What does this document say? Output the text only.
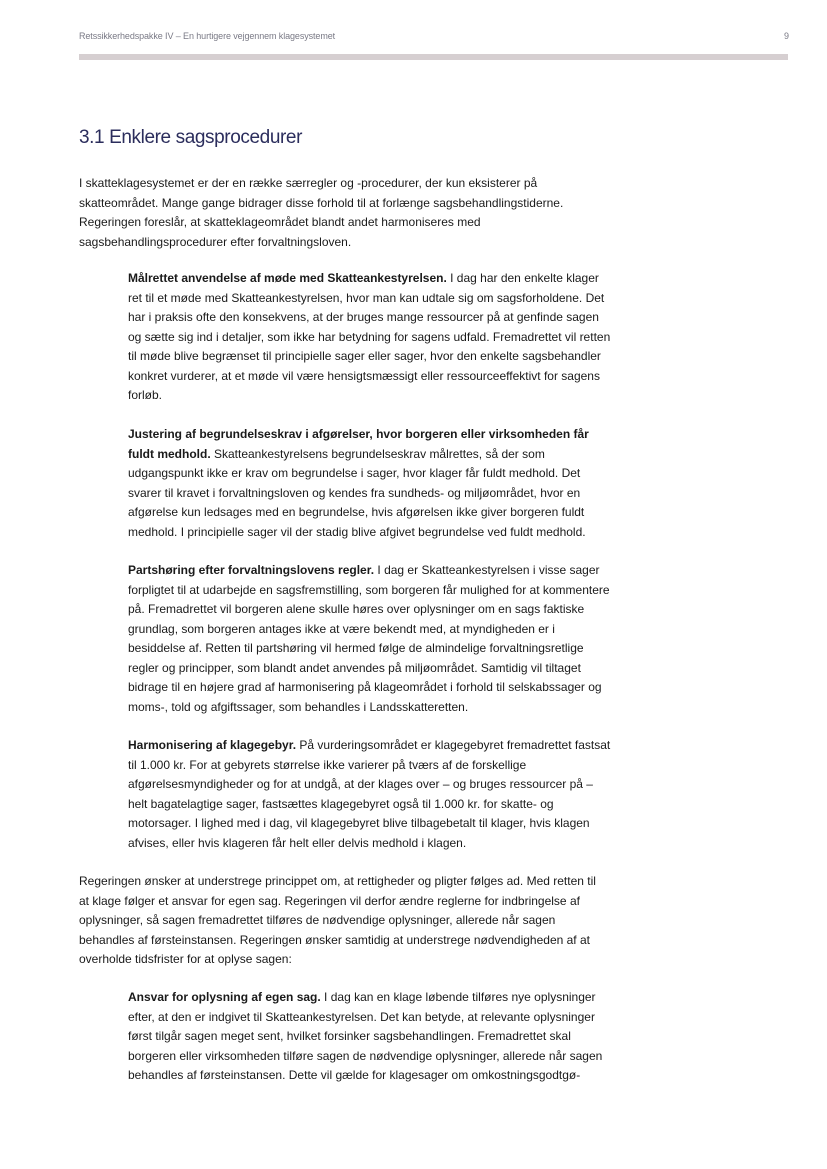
Retssikkerhedspakke IV – En hurtigere vejgennem klagesystemet	9
3.1 Enklere sagsprocedurer

I skatteklagesystemet er der en række særregler og -procedurer, der kun eksisterer på skatteområdet. Mange gange bidrager disse forhold til at forlænge sagsbehandlingstiderne. Regeringen foreslår, at skatteklageområdet blandt andet harmoniseres med sagsbehandlingsprocedurer efter forvaltningsloven.

Målrettet anvendelse af møde med Skatteankestyrelsen. I dag har den enkelte klager ret til et møde med Skatteankestyrelsen, hvor man kan udtale sig om sagsforholdene. Det har i praksis ofte den konsekvens, at der bruges mange ressourcer på at genfinde sagen og sætte sig ind i detaljer, som ikke har betydning for sagens udfald. Fremadrettet vil retten til møde blive begrænset til principielle sager eller sager, hvor den enkelte sagsbehandler konkret vurderer, at et møde vil være hensigtsmæssigt eller ressourceeffektivt for sagens forløb.

Justering af begrundelseskrav i afgørelser, hvor borgeren eller virksomheden får fuldt medhold. Skatteankestyrelsens begrundelseskrav målrettes, så der som udgangspunkt ikke er krav om begrundelse i sager, hvor klager får fuldt medhold. Det svarer til kravet i forvaltningsloven og kendes fra sundheds- og miljøområdet, hvor en afgørelse kun ledsages med en begrundelse, hvis afgørelsen ikke giver borgeren fuldt medhold. I principielle sager vil der stadig blive afgivet begrundelse ved fuldt medhold.

Partshøring efter forvaltningslovens regler. I dag er Skatteankestyrelsen i visse sager forpligtet til at udarbejde en sagsfremstilling, som borgeren får mulighed for at kommentere på. Fremadrettet vil borgeren alene skulle høres over oplysninger om en sags faktiske grundlag, som borgeren antages ikke at være bekendt med, at myndigheden er i besiddelse af. Retten til partshøring vil hermed følge de almindelige forvaltningsretlige regler og principper, som blandt andet anvendes på miljøområdet. Samtidig vil tiltaget bidrage til en højere grad af harmonisering på klageområdet i forhold til selskabssager og moms-, told og afgiftssager, som behandles i Landsskatteretten.

Harmonisering af klagegebyr. På vurderingsområdet er klagegebyret fremadrettet fastsat til 1.000 kr. For at gebyrets størrelse ikke varierer på tværs af de forskellige afgørelsesmyndigheder og for at undgå, at der klages over – og bruges ressourcer på – helt bagatelagtige sager, fastsættes klagegebyret også til 1.000 kr. for skatte- og motorsager. I lighed med i dag, vil klagegebyret blive tilbagebetalt til klager, hvis klagen afvises, eller hvis klageren får helt eller delvis medhold i klagen.

Regeringen ønsker at understrege princippet om, at rettigheder og pligter følges ad. Med retten til at klage følger et ansvar for egen sag. Regeringen vil derfor ændre reglerne for indbringelse af oplysninger, så sagen fremadrettet tilføres de nødvendige oplysninger, allerede når sagen behandles af førsteinstansen. Regeringen ønsker samtidig at understrege nødvendigheden af at overholde tidsfrister for at oplyse sagen:

Ansvar for oplysning af egen sag. I dag kan en klage løbende tilføres nye oplysninger efter, at den er indgivet til Skatteankestyrelsen. Det kan betyde, at relevante oplysninger først tilgår sagen meget sent, hvilket forsinker sagsbehandlingen. Fremadrettet skal borgeren eller virksomheden tilføre sagen de nødvendige oplysninger, allerede når sagen behandles af førsteinstansen. Dette vil gælde for klagesager om omkostningsgodtgø-
